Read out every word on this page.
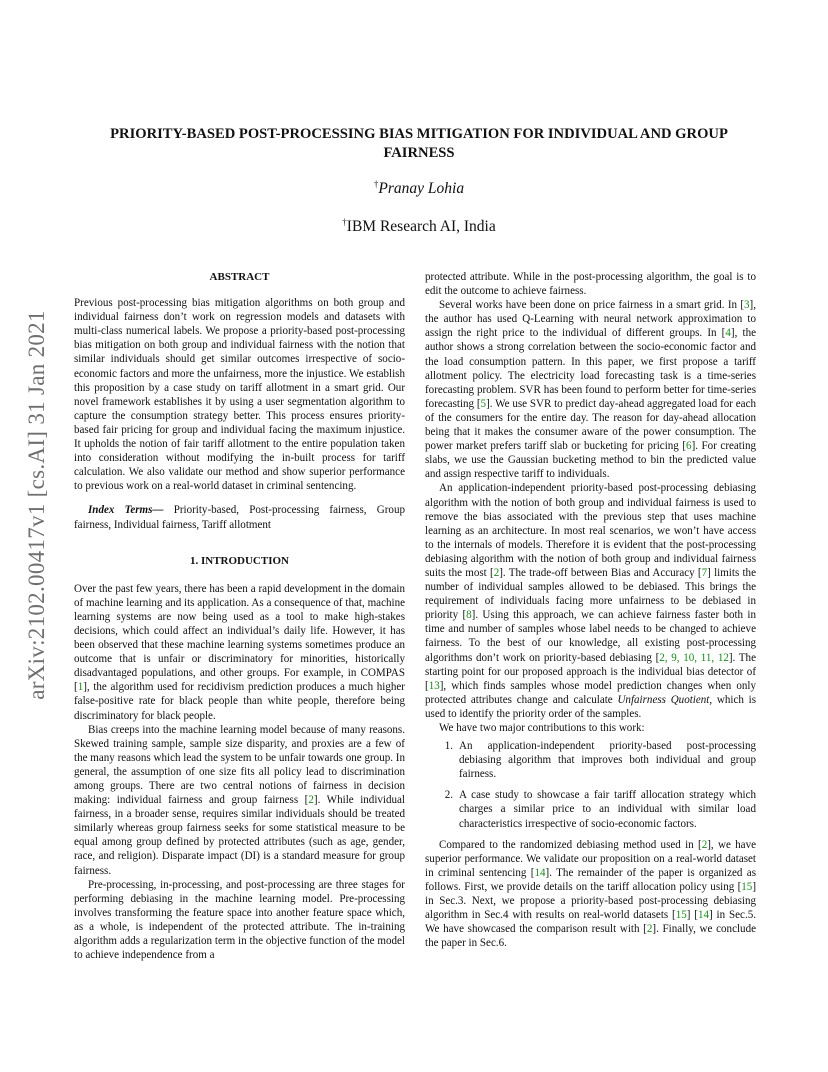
arXiv:2102.00417v1 [cs.AI] 31 Jan 2021
PRIORITY-BASED POST-PROCESSING BIAS MITIGATION FOR INDIVIDUAL AND GROUP FAIRNESS
†Pranay Lohia
†IBM Research AI, India
ABSTRACT

Previous post-processing bias mitigation algorithms on both group and individual fairness don’t work on regression models and datasets with multi-class numerical labels. We propose a priority-based post-processing bias mitigation on both group and individual fairness with the notion that similar individuals should get similar outcomes irrespective of socio-economic factors and more the unfairness, more the injustice. We establish this proposition by a case study on tariff allotment in a smart grid. Our novel framework establishes it by using a user segmentation algorithm to capture the consumption strategy better. This process ensures priority-based fair pricing for group and individual facing the maximum injustice. It upholds the notion of fair tariff allotment to the entire population taken into consideration without modifying the in-built process for tariff calculation. We also validate our method and show superior performance to previous work on a real-world dataset in criminal sentencing.

Index Terms— Priority-based, Post-processing fairness, Group fairness, Individual fairness, Tariff allotment

1. INTRODUCTION

Over the past few years, there has been a rapid development in the domain of machine learning and its application. As a consequence of that, machine learning systems are now being used as a tool to make high-stakes decisions, which could affect an individual’s daily life. However, it has been observed that these machine learning systems sometimes produce an outcome that is unfair or discriminatory for minorities, historically disadvantaged populations, and other groups. For example, in COMPAS [1], the algorithm used for recidivism prediction produces a much higher false-positive rate for black people than white people, therefore being discriminatory for black people.

Bias creeps into the machine learning model because of many reasons. Skewed training sample, sample size disparity, and proxies are a few of the many reasons which lead the system to be unfair towards one group. In general, the assumption of one size fits all policy lead to discrimination among groups. There are two central notions of fairness in decision making: individual fairness and group fairness [2]. While individual fairness, in a broader sense, requires similar individuals should be treated similarly whereas group fairness seeks for some statistical measure to be equal among group defined by protected attributes (such as age, gender, race, and religion). Disparate impact (DI) is a standard measure for group fairness.

Pre-processing, in-processing, and post-processing are three stages for performing debiasing in the machine learning model. Pre-processing involves transforming the feature space into another feature space which, as a whole, is independent of the protected attribute. The in-training algorithm adds a regularization term in the objective function of the model to achieve independence from a

protected attribute. While in the post-processing algorithm, the goal is to edit the outcome to achieve fairness.

Several works have been done on price fairness in a smart grid. In [3], the author has used Q-Learning with neural network approximation to assign the right price to the individual of different groups. In [4], the author shows a strong correlation between the socio-economic factor and the load consumption pattern. In this paper, we first propose a tariff allotment policy. The electricity load forecasting task is a time-series forecasting problem. SVR has been found to perform better for time-series forecasting [5]. We use SVR to predict day-ahead aggregated load for each of the consumers for the entire day. The reason for day-ahead allocation being that it makes the consumer aware of the power consumption. The power market prefers tariff slab or bucketing for pricing [6]. For creating slabs, we use the Gaussian bucketing method to bin the predicted value and assign respective tariff to individuals.

An application-independent priority-based post-processing debiasing algorithm with the notion of both group and individual fairness is used to remove the bias associated with the previous step that uses machine learning as an architecture. In most real scenarios, we won’t have access to the internals of models. Therefore it is evident that the post-processing debiasing algorithm with the notion of both group and individual fairness suits the most [2]. The trade-off between Bias and Accuracy [7] limits the number of individual samples allowed to be debiased. This brings the requirement of individuals facing more unfairness to be debiased in priority [8]. Using this approach, we can achieve fairness faster both in time and number of samples whose label needs to be changed to achieve fairness. To the best of our knowledge, all existing post-processing algorithms don’t work on priority-based debiasing [2, 9, 10, 11, 12]. The starting point for our proposed approach is the individual bias detector of [13], which finds samples whose model prediction changes when only protected attributes change and calculate Unfairness Quotient, which is used to identify the priority order of the samples.

We have two major contributions to this work:

1. An application-independent priority-based post-processing debiasing algorithm that improves both individual and group fairness.
2. A case study to showcase a fair tariff allocation strategy which charges a similar price to an individual with similar load characteristics irrespective of socio-economic factors.

Compared to the randomized debiasing method used in [2], we have superior performance. We validate our proposition on a real-world dataset in criminal sentencing [14]. The remainder of the paper is organized as follows. First, we provide details on the tariff allocation policy using [15] in Sec.3. Next, we propose a priority-based post-processing debiasing algorithm in Sec.4 with results on real-world datasets [15] [14] in Sec.5. We have showcased the comparison result with [2]. Finally, we conclude the paper in Sec.6.
